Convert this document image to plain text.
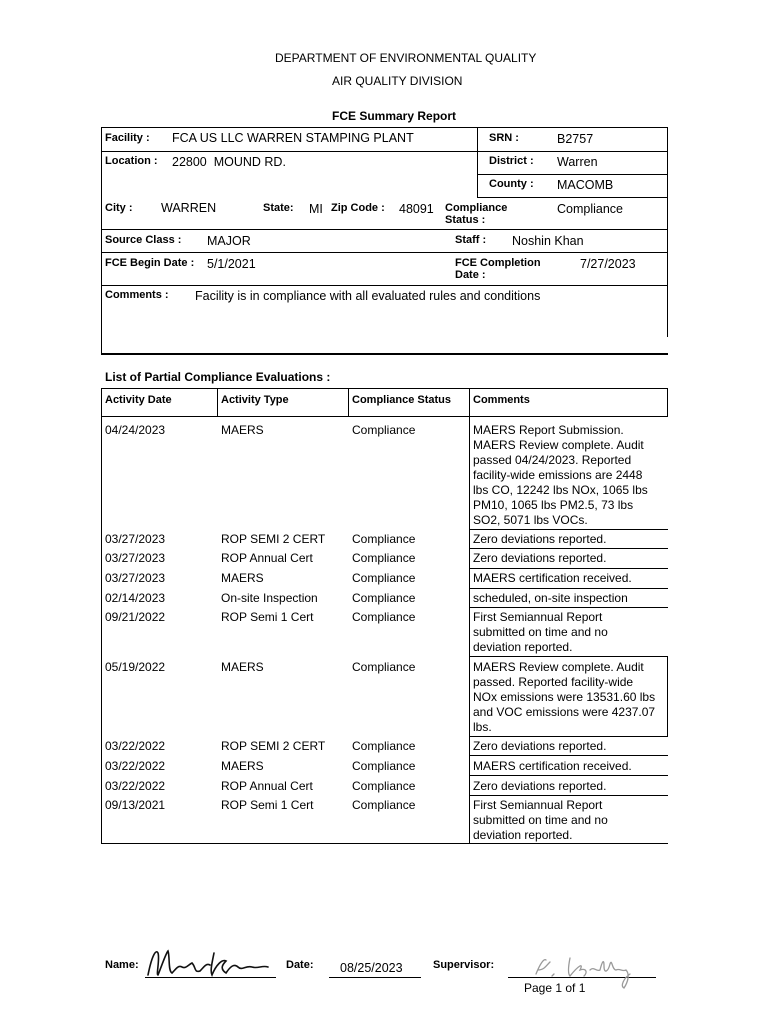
DEPARTMENT OF ENVIRONMENTAL QUALITY
AIR QUALITY DIVISION
FCE Summary Report
Facility : FCA US LLC WARREN STAMPING PLANT	SRN :	B2757
Location : 22800  MOUND RD.	District : Warren
County : MACOMB
City : WARREN	State: MI Zip Code : 48091 Compliance
Status :
Compliance
Source Class : MAJOR	Staff : Noshin Khan
FCE Begin Date : 5/1/2021	FCE Completion
Date :
7/27/2023
Comments : Facility is in compliance with all evaluated rules and conditions
List of Partial Compliance Evaluations :
Activity Date	Activity Type	Compliance Status Comments
04/24/2023	MAERS	Compliance	MAERS Report Submission.
MAERS Review complete. Audit
passed 04/24/2023. Reported
facility-wide emissions are 2448
lbs CO, 12242 lbs NOx, 1065 lbs
PM10, 1065 lbs PM2.5, 73 lbs
SO2, 5071 lbs VOCs.
03/27/2023	ROP SEMI 2 CERT Compliance	Zero deviations reported.
03/27/2023	ROP Annual Cert	Compliance	Zero deviations reported.
03/27/2023	MAERS	Compliance	MAERS certification received.
02/14/2023	On-site Inspection	Compliance	scheduled, on-site inspection
09/21/2022	ROP Semi 1 Cert	Compliance	First Semiannual Report
submitted on time and no
deviation reported.
05/19/2022	MAERS	Compliance	MAERS Review complete. Audit
passed. Reported facility-wide
NOx emissions were 13531.60 lbs
and VOC emissions were 4237.07
lbs.
03/22/2022	ROP SEMI 2 CERT Compliance	Zero deviations reported.
03/22/2022	MAERS	Compliance	MAERS certification received.
03/22/2022	ROP Annual Cert	Compliance	Zero deviations reported.
09/13/2021	ROP Semi 1 Cert	Compliance	First Semiannual Report
submitted on time and no
deviation reported.
Name:	Date: 08/25/2023	Supervisor:
Page 1 of 1
